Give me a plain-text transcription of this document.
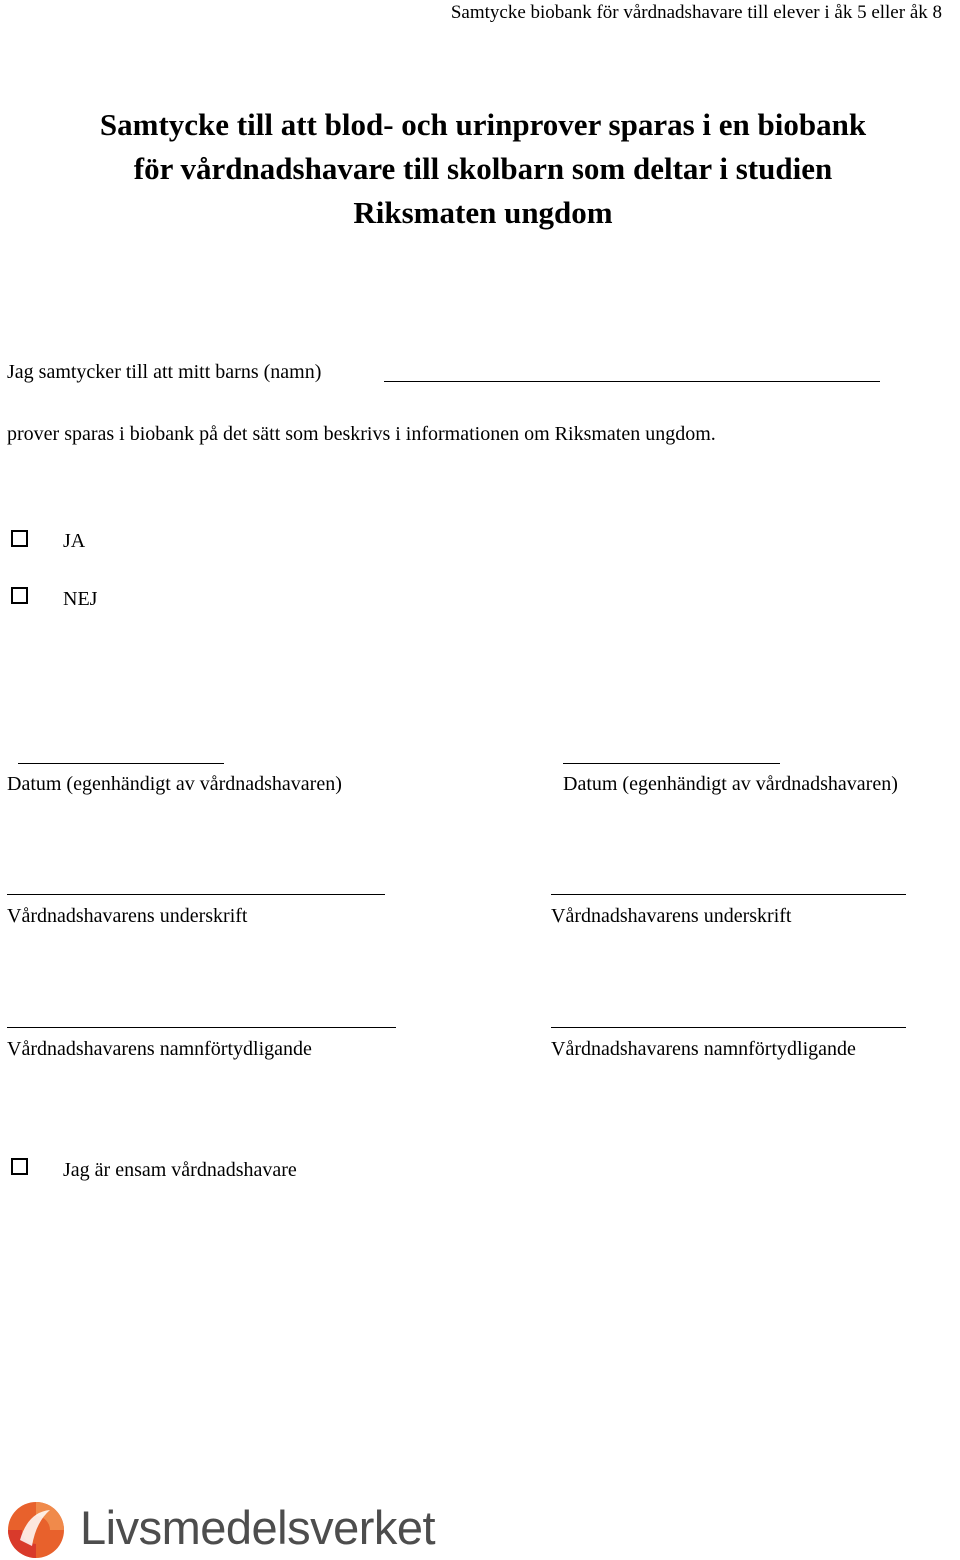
Samtycke biobank för vårdnadshavare till elever i åk 5 eller åk 8
Samtycke till att blod- och urinprover sparas i en biobank
för vårdnadshavare till skolbarn som deltar i studien
Riksmaten ungdom
Jag samtycker till att mitt barns (namn)
prover sparas i biobank på det sätt som beskrivs i informationen om Riksmaten ungdom.
JA
NEJ
Datum (egenhändigt av vårdnadshavaren)	Datum (egenhändigt av vårdnadshavaren)
Vårdnadshavarens underskrift	Vårdnadshavarens underskrift
Vårdnadshavarens namnförtydligande	Vårdnadshavarens namnförtydligande
Jag är ensam vårdnadshavare
Livsmedelsverket
